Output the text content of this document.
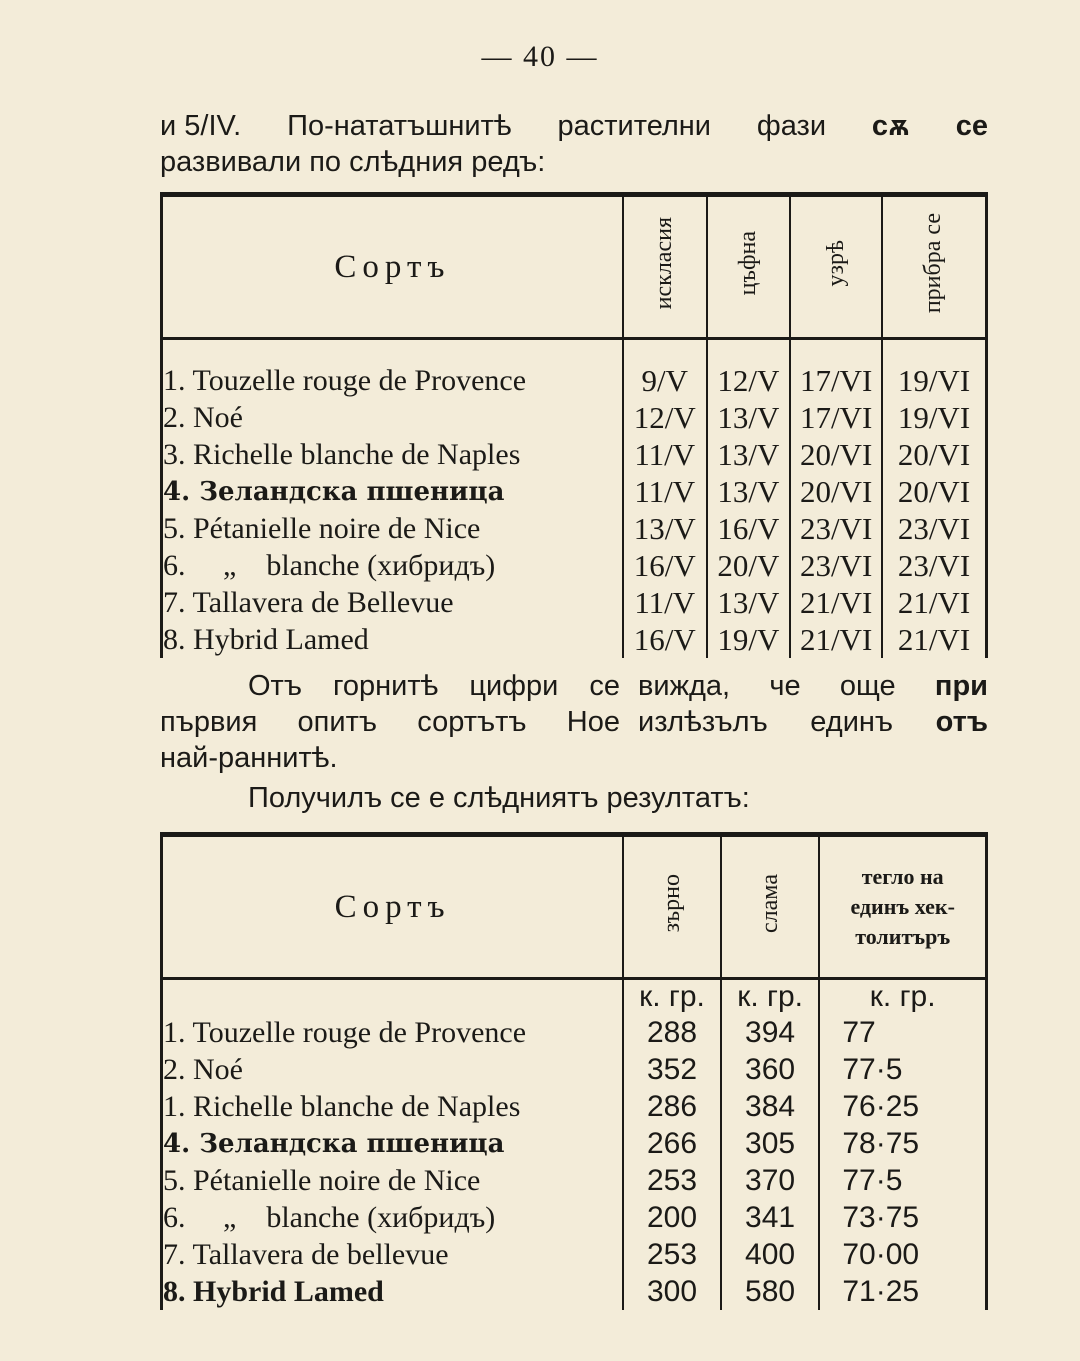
— 40 —
и 5/IV. По-нататъшнитѣ растителни фази сѫ се
развивали по слѣдния редъ:
Сортъ	искласия	цъфна	узрѣ	прибра се

1. Touzelle rouge de Provence	9/V	12/V	17/VI	19/VI
2. Noé	12/V	13/V	17/VI	19/VI
3. Richelle blanche de Naples	11/V	13/V	20/VI	20/VI
4. Зеландска пшеница	11/V	13/V	20/VI	20/VI
5. Pétanielle noire de Nice	13/V	16/V	23/VI	23/VI
6.     „    blanche (хибридъ)	16/V	20/V	23/VI	23/VI
7. Tallavera de Bellevue	11/V	13/V	21/VI	21/VI
8. Hybrid Lamed	16/V	19/V	21/VI	21/VI
Отъ горнитѣ цифри се вижда, че още при
първия опитъ сортътъ Ное излѣзълъ единъ отъ
най-раннитѣ.
Получилъ се е слѣдниятъ резултатъ:
Сортъ	зърно	слама	тегло на
единъ хек-
толитъръ

	к. гр.	к. гр.	к. гр.
1. Touzelle rouge de Provence	288	394	77
2. Noé	352	360	77·5
1. Richelle blanche de Naples	286	384	76·25
4. Зеландска пшеница	266	305	78·75
5. Pétanielle noire de Nice	253	370	77·5
6.     „    blanche (хибридъ)	200	341	73·75
7. Tallavera de bellevue	253	400	70·00
8. Hybrid Lamed	300	580	71·25
